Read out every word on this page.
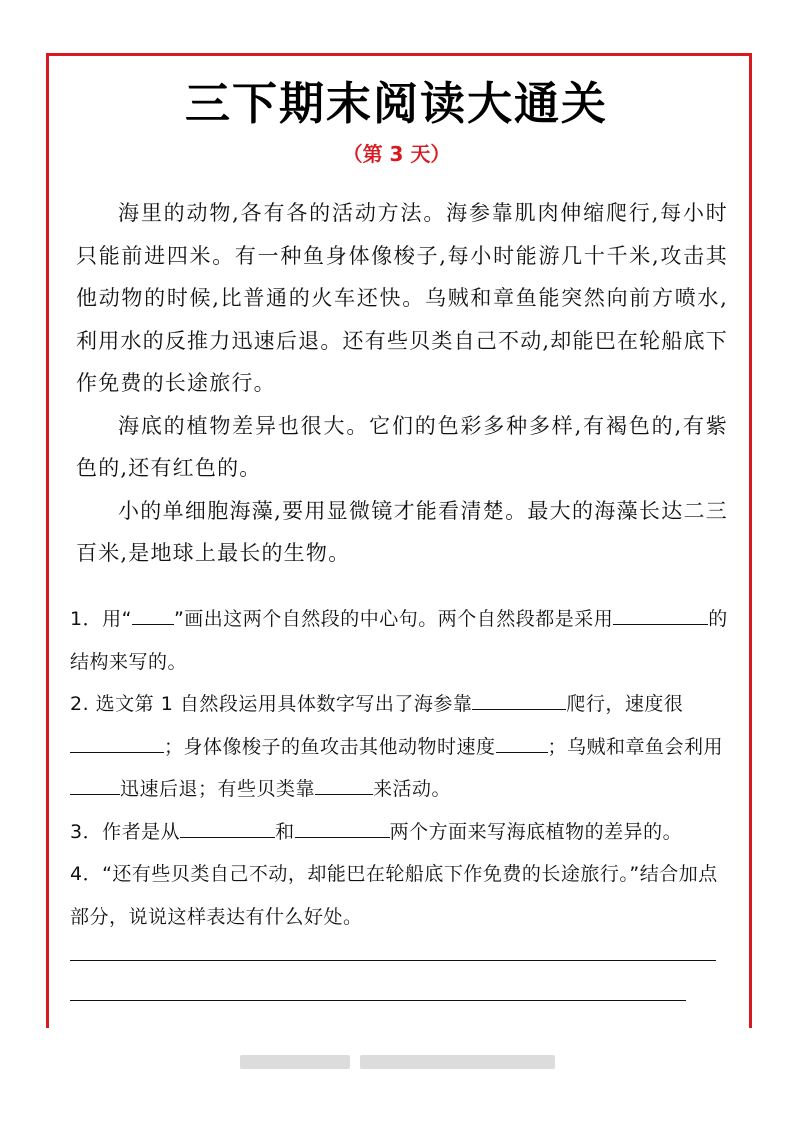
三下期末阅读大通关
（第 3 天）

海里的动物,各有各的活动方法。海参靠肌肉伸缩爬行,每小时只能前进四米。有一种鱼身体像梭子,每小时能游几十千米,攻击其他动物的时候,比普通的火车还快。乌贼和章鱼能突然向前方喷水,利用水的反推力迅速后退。还有些贝类自己不动,却能巴在轮船底下作免费的长途旅行。

海底的植物差异也很大。它们的色彩多种多样,有褐色的,有紫色的,还有红色的。

小的单细胞海藻,要用显微镜才能看清楚。最大的海藻长达二三百米,是地球上最长的生物。

1．用“ ”画出这两个自然段的中心句。两个自然段都是采用	的结构来写的。

2. 选文第 1 自然段运用具体数字写出了海参靠	爬行，速度很；身体像梭子的鱼攻击其他动物时速度	；乌贼和章鱼会利用迅速后退；有些贝类靠	来活动。

3．作者是从	和	两个方面来写海底植物的差异的。

4．“还有些贝类自己不动，却能巴在轮船底下作免费的长途旅行。”结合加点部分，说说这样表达有什么好处。
